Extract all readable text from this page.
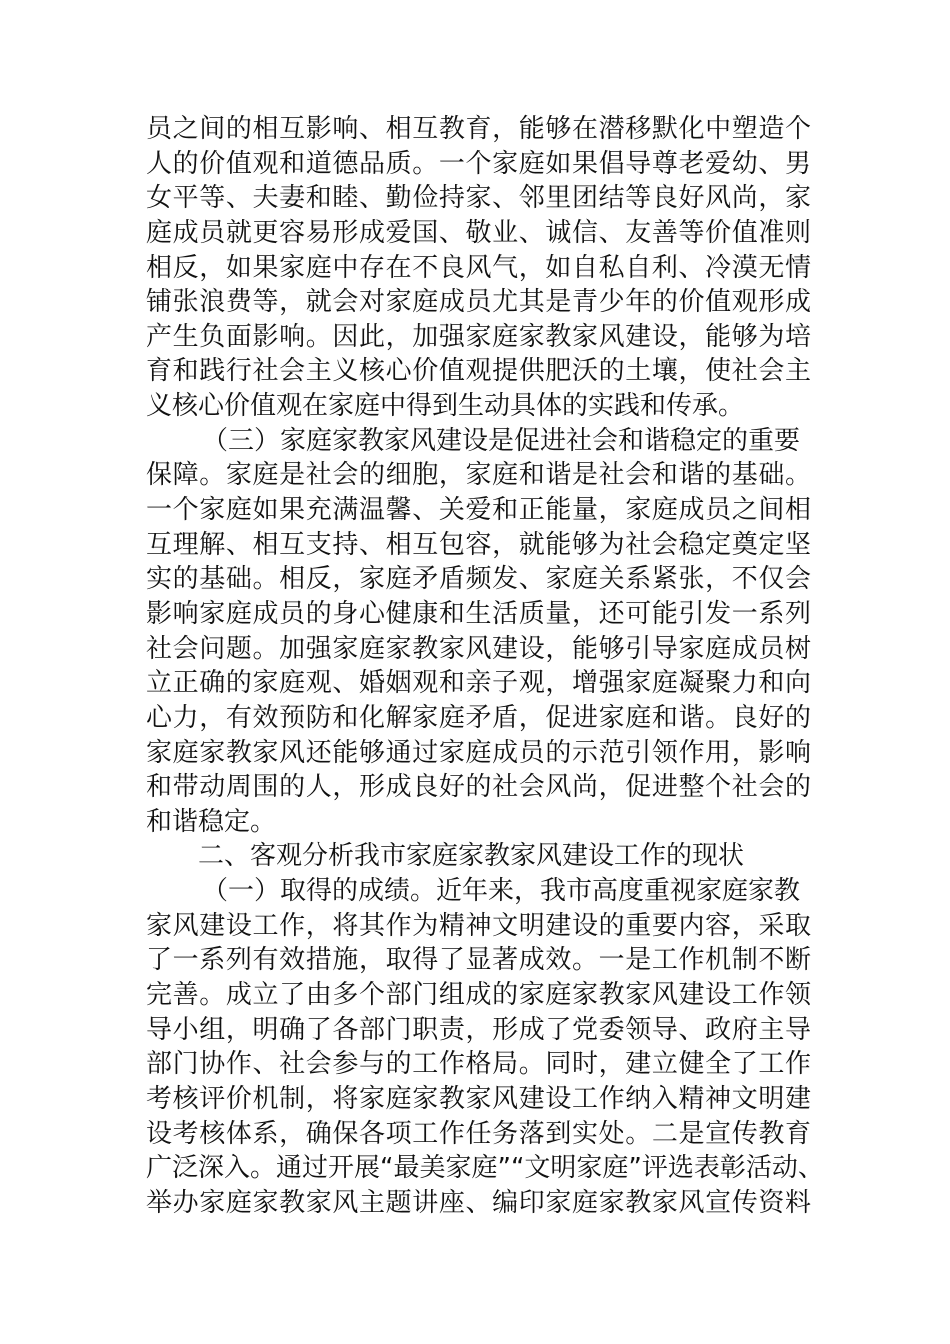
员之间的相互影响、相互教育，能够在潜移默化中塑造个
人的价值观和道德品质。一个家庭如果倡导尊老爱幼、男
女平等、夫妻和睦、勤俭持家、邻里团结等良好风尚，家
庭成员就更容易形成爱国、敬业、诚信、友善等价值准则
相反，如果家庭中存在不良风气，如自私自利、冷漠无情
铺张浪费等，就会对家庭成员尤其是青少年的价值观形成
产生负面影响。因此，加强家庭家教家风建设，能够为培
育和践行社会主义核心价值观提供肥沃的土壤，使社会主
义核心价值观在家庭中得到生动具体的实践和传承。
（三）家庭家教家风建设是促进社会和谐稳定的重要
保障。家庭是社会的细胞，家庭和谐是社会和谐的基础。
一个家庭如果充满温馨、关爱和正能量，家庭成员之间相
互理解、相互支持、相互包容，就能够为社会稳定奠定坚
实的基础。相反，家庭矛盾频发、家庭关系紧张，不仅会
影响家庭成员的身心健康和生活质量，还可能引发一系列
社会问题。加强家庭家教家风建设，能够引导家庭成员树
立正确的家庭观、婚姻观和亲子观，增强家庭凝聚力和向
心力，有效预防和化解家庭矛盾，促进家庭和谐。良好的
家庭家教家风还能够通过家庭成员的示范引领作用，影响
和带动周围的人，形成良好的社会风尚，促进整个社会的
和谐稳定。
二、客观分析我市家庭家教家风建设工作的现状
（一）取得的成绩。近年来，我市高度重视家庭家教
家风建设工作，将其作为精神文明建设的重要内容，采取
了一系列有效措施，取得了显著成效。一是工作机制不断
完善。成立了由多个部门组成的家庭家教家风建设工作领
导小组，明确了各部门职责，形成了党委领导、政府主导
部门协作、社会参与的工作格局。同时，建立健全了工作
考核评价机制，将家庭家教家风建设工作纳入精神文明建
设考核体系，确保各项工作任务落到实处。二是宣传教育
广泛深入。通过开展“最美家庭”“文明家庭”评选表彰活动、
举办家庭家教家风主题讲座、编印家庭家教家风宣传资料
